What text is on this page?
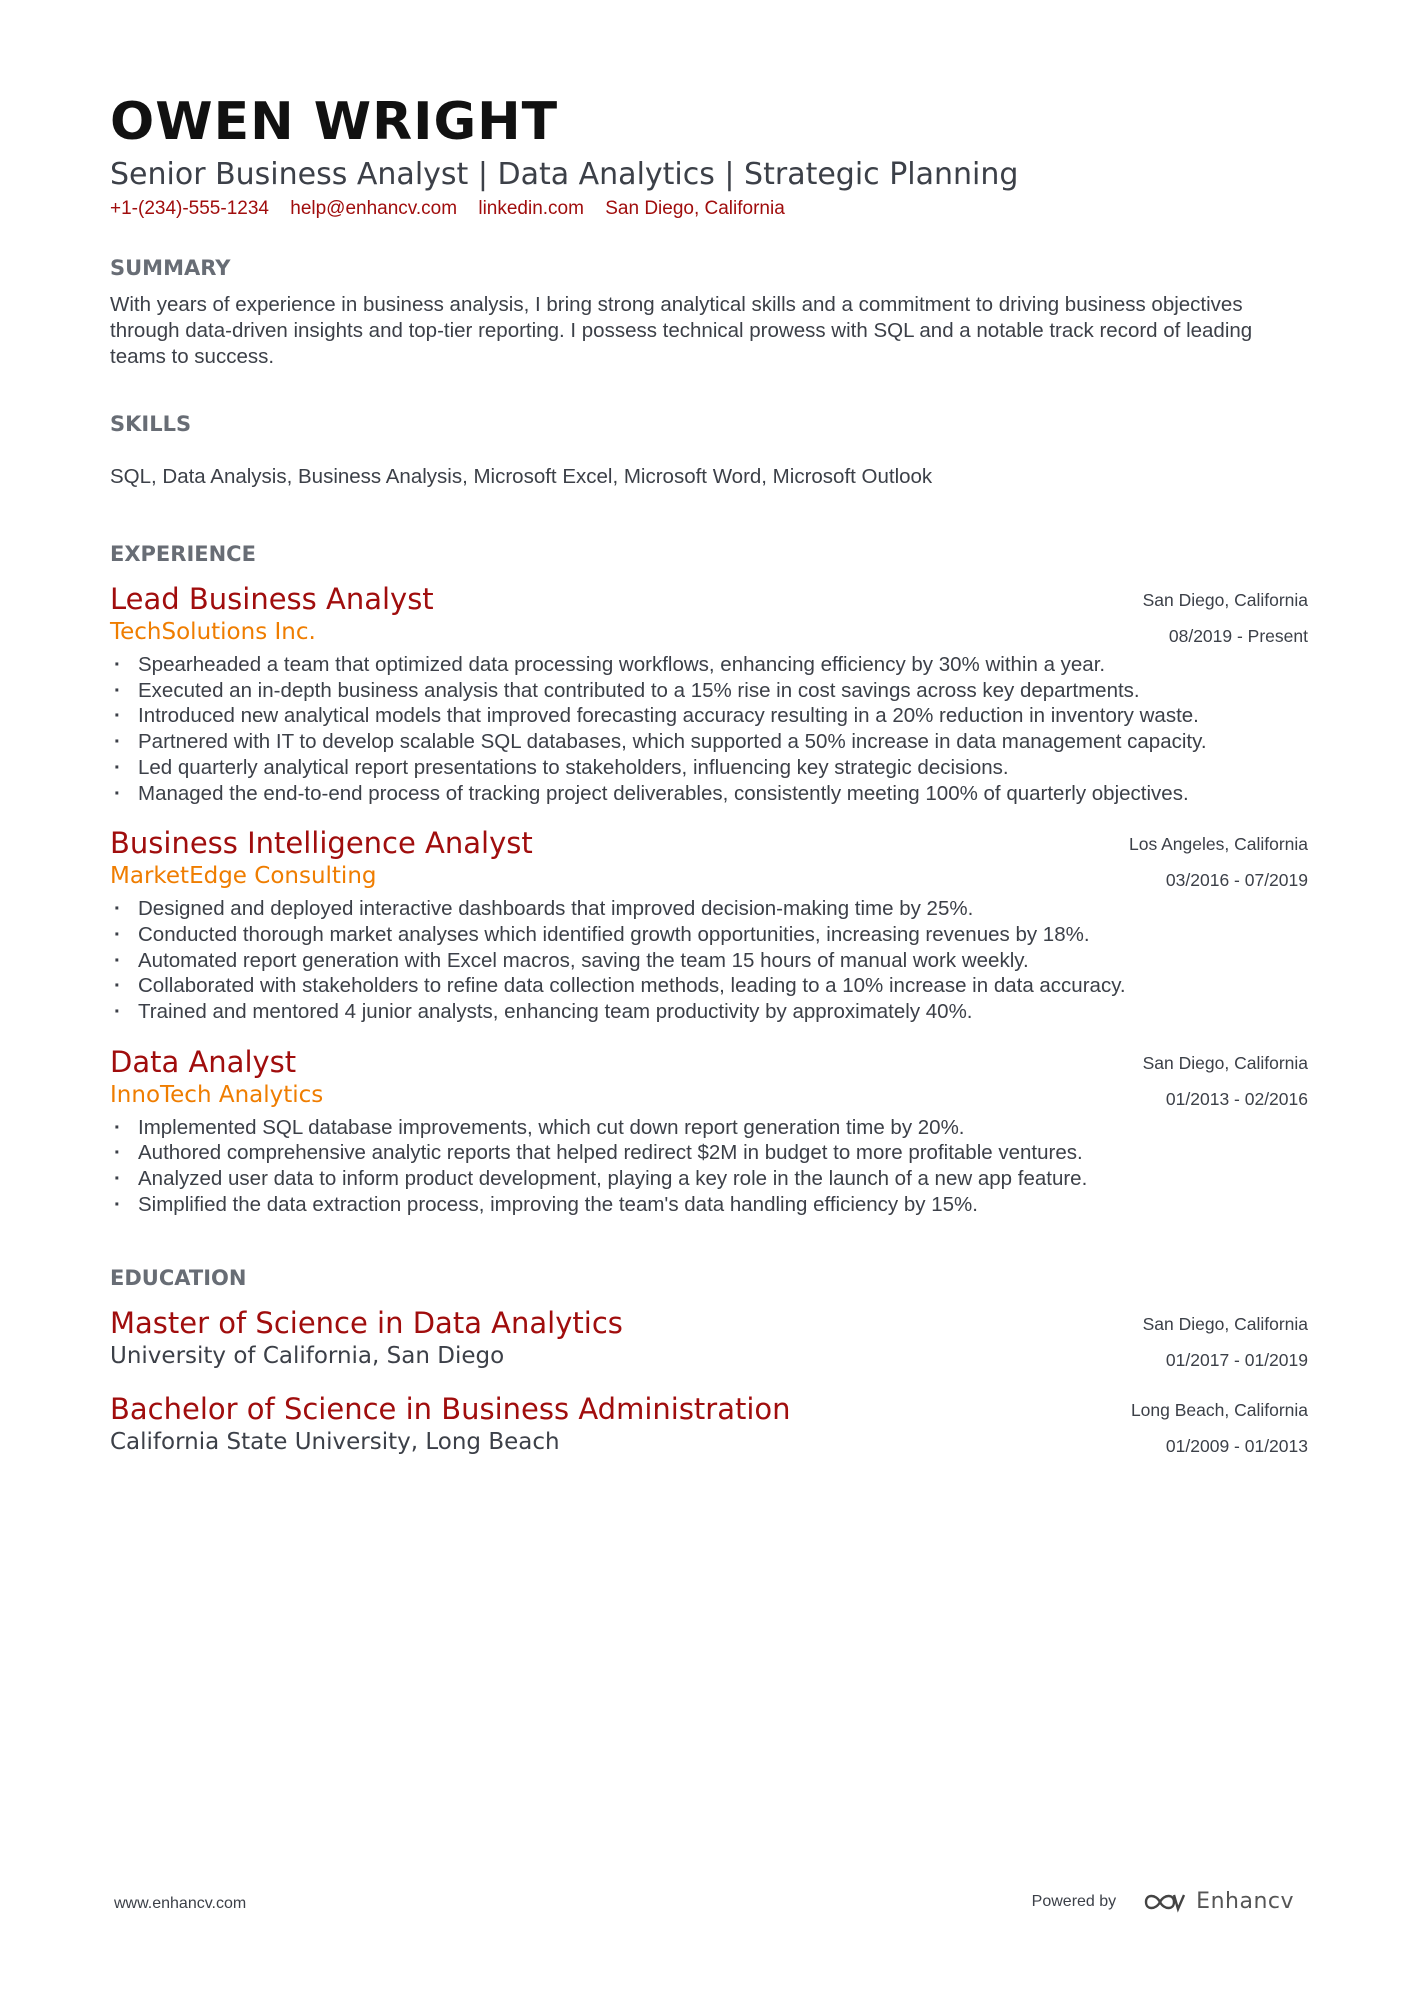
OWEN WRIGHT
Senior Business Analyst | Data Analytics | Strategic Planning
+1-(234)-555-1234 help@enhancv.com linkedin.com San Diego, California
SUMMARY
With years of experience in business analysis, I bring strong analytical skills and a commitment to driving business objectives through data-driven insights and top-tier reporting. I possess technical prowess with SQL and a notable track record of leading teams to success.
SKILLS
SQL, Data Analysis, Business Analysis, Microsoft Excel, Microsoft Word, Microsoft Outlook
EXPERIENCE
Lead Business Analyst
TechSolutions Inc.
San Diego, California
08/2019 - Present
· Spearheaded a team that optimized data processing workflows, enhancing efficiency by 30% within a year.
· Executed an in-depth business analysis that contributed to a 15% rise in cost savings across key departments.
· Introduced new analytical models that improved forecasting accuracy resulting in a 20% reduction in inventory waste.
· Partnered with IT to develop scalable SQL databases, which supported a 50% increase in data management capacity.
· Led quarterly analytical report presentations to stakeholders, influencing key strategic decisions.
· Managed the end-to-end process of tracking project deliverables, consistently meeting 100% of quarterly objectives.
Business Intelligence Analyst
MarketEdge Consulting
Los Angeles, California
03/2016 - 07/2019
· Designed and deployed interactive dashboards that improved decision-making time by 25%.
· Conducted thorough market analyses which identified growth opportunities, increasing revenues by 18%.
· Automated report generation with Excel macros, saving the team 15 hours of manual work weekly.
· Collaborated with stakeholders to refine data collection methods, leading to a 10% increase in data accuracy.
· Trained and mentored 4 junior analysts, enhancing team productivity by approximately 40%.
Data Analyst
InnoTech Analytics
San Diego, California
01/2013 - 02/2016
· Implemented SQL database improvements, which cut down report generation time by 20%.
· Authored comprehensive analytic reports that helped redirect $2M in budget to more profitable ventures.
· Analyzed user data to inform product development, playing a key role in the launch of a new app feature.
· Simplified the data extraction process, improving the team's data handling efficiency by 15%.
EDUCATION
Master of Science in Data Analytics
University of California, San Diego
San Diego, California
01/2017 - 01/2019
Bachelor of Science in Business Administration
California State University, Long Beach
Long Beach, California
01/2009 - 01/2013
www.enhancv.com	Powered by	Enhancv
